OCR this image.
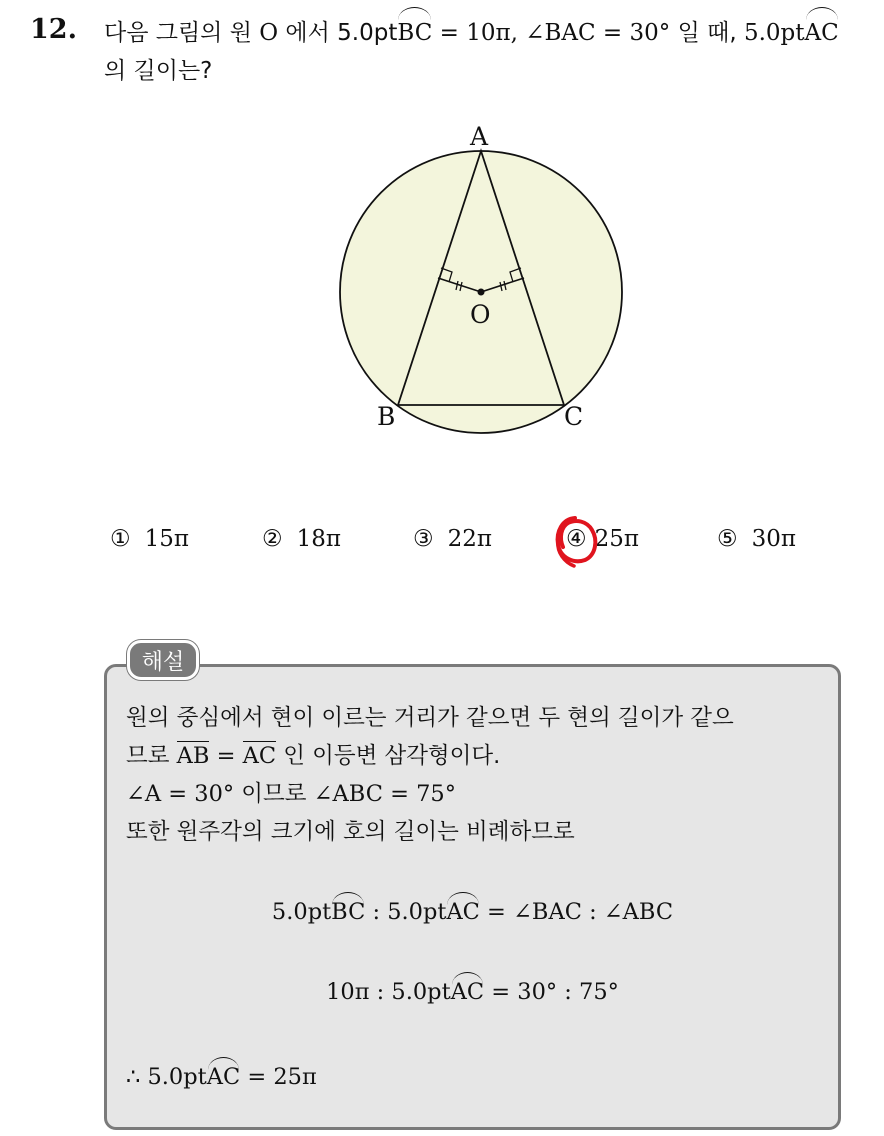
12. 다음 그림의 원 O 에서 5.0ptBC = 10π, ∠BAC = 30° 일 때, 5.0ptAC
의 길이는?
A
B	C
O
① 15π	② 18π	③ 22π	④ 25π	⑤ 30π
해설
원의 중심에서 현이 이르는 거리가 같으면 두 현의 길이가 같으
므로 AB = AC 인 이등변 삼각형이다.
∠A = 30° 이므로 ∠ABC = 75°
또한 원주각의 크기에 호의 길이는 비례하므로
5.0ptBC : 5.0ptAC = ∠BAC : ∠ABC
10π : 5.0ptAC = 30° : 75°
∴ 5.0ptAC = 25π
